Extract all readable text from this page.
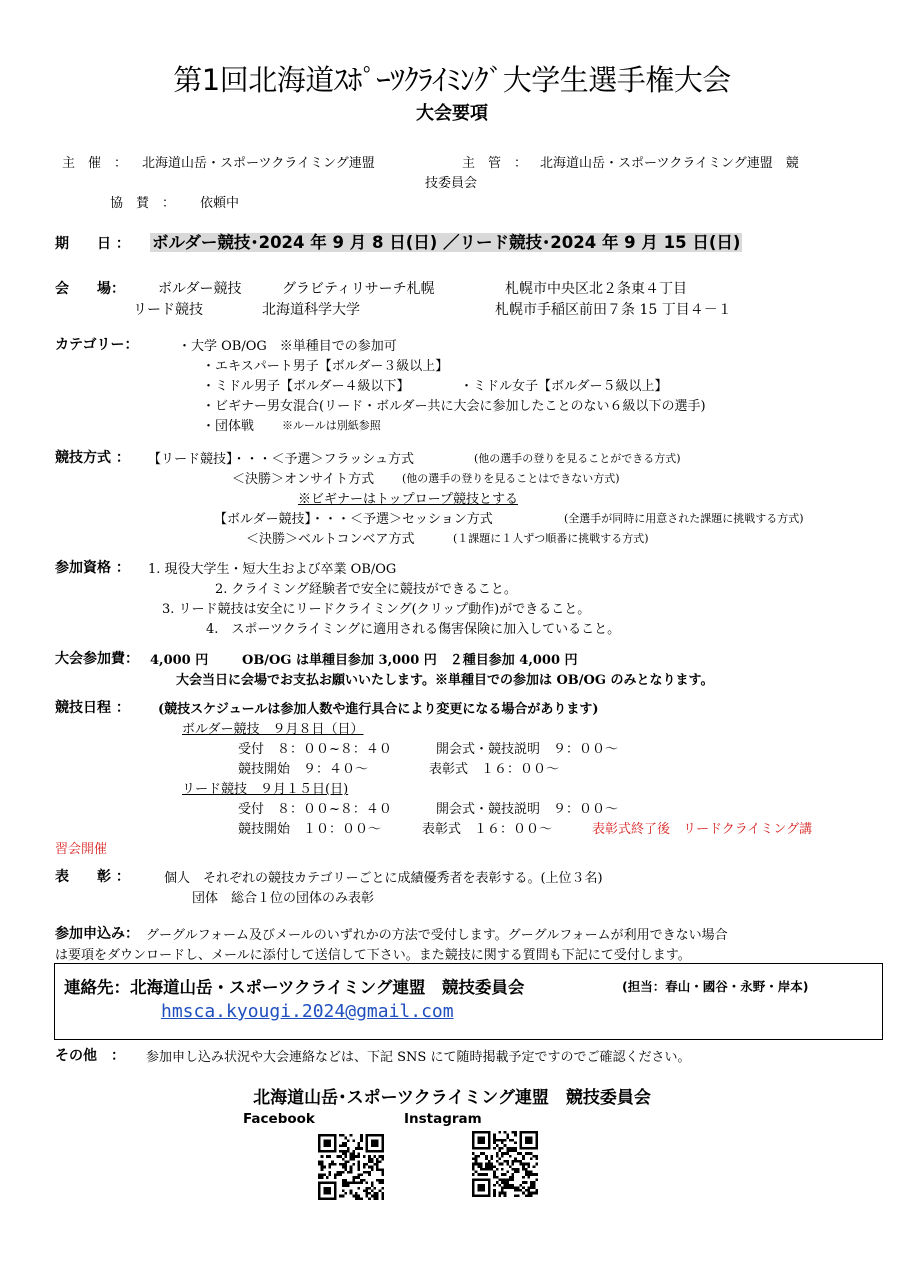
第1回北海道ｽﾎﾟｰﾂｸﾗｲﾐﾝｸﾞ大学生選手権大会
大会要項
主　催　： 北海道山岳・スポーツクライミング連盟	主　管　： 北海道山岳・スポーツクライミング連盟　競
技委員会
協　賛　： 依頼中
期　　日 ： ボルダー競技･2024 年 9 月 8 日(日) ／リード競技･2024 年 9 月 15 日(日)
会　　場： ボルダー競技	グラビティリサーチ札幌	札幌市中央区北２条東４丁目
リード競技	北海道科学大学	札幌市手稲区前田７条 15 丁目４－１
カテゴリー：	・大学 OB/OG　※単種目での参加可
・エキスパート男子【ボルダー３級以上】
・ミドル男子【ボルダー４級以下】	・ミドル女子【ボルダー５級以上】
・ビギナー男女混合(リード・ボルダー共に大会に参加したことのない６級以下の選手)
・団体戦	※ルールは別紙参照
競技方式 ： 【リード競技】・・・＜予選＞フラッシュ方式	(他の選手の登りを見ることができる方式)
＜決勝＞オンサイト方式	(他の選手の登りを見ることはできない方式)
※ビギナーはトップロープ競技とする
【ボルダー競技】・・・＜予選＞セッション方式	(全選手が同時に用意された課題に挑戦する方式)
＜決勝＞ベルトコンベア方式	(１課題に１人ずつ順番に挑戦する方式)
参加資格 ： 1. 現役大学生・短大生および卒業 OB/OG
2. クライミング経験者で安全に競技ができること。
3. リード競技は安全にリードクライミング(クリップ動作)ができること。
4.　スポーツクライミングに適用される傷害保険に加入していること。
大会参加費： 4,000 円	OB/OG は単種目参加 3,000 円　２種目参加 4,000 円
大会当日に会場でお支払お願いいたします。※単種目での参加は OB/OG のみとなります。
競技日程 ： (競技スケジュールは参加人数や進行具合により変更になる場合があります)
ボルダー競技　９月８日（日）
受付　８：００~８：４０	開会式・競技説明　９：００～
競技開始　９：４０～	表彰式　１６：００～
リード競技　９月１５日(日)
受付　８：００~８：４０	開会式・競技説明　９：００～
競技開始　１０：００～	表彰式　１６：００～	表彰式終了後　リードクライミング講
習会開催
表　　彰 ：	個人　それぞれの競技カテゴリーごとに成績優秀者を表彰する。(上位３名)
団体　総合１位の団体のみ表彰
参加申込み： グーグルフォーム及びメールのいずれかの方法で受付します。グーグルフォームが利用できない場合
は要項をダウンロードし、メールに添付して送信して下さい。また競技に関する質問も下記にて受付します。
連絡先：北海道山岳・スポーツクライミング連盟　競技委員会	(担当：春山・國谷・永野・岸本)
hmsca.kyougi.2024@gmail.com
その他　： 参加申し込み状況や大会連絡などは、下記 SNS にて随時掲載予定ですのでご確認ください。
北海道山岳･スポーツクライミング連盟　競技委員会
Facebook	Instagram
